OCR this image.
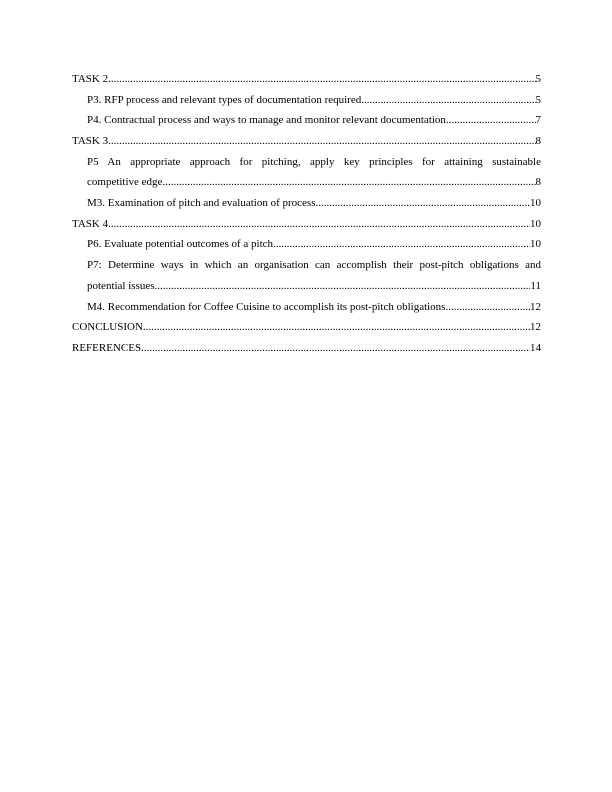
TASK 2 .....	5
P3. RFP process and relevant types of documentation required .....	5
P4. Contractual process and ways to manage and monitor relevant documentation .....	7
TASK 3 .....	8
P5 An appropriate approach for pitching, apply key principles for attaining sustainable
competitive edge .....	8
M3. Examination of pitch and evaluation of process .....	10
TASK 4 .....	10
P6. Evaluate potential outcomes of a pitch .....	10
P7: Determine ways in which an organisation can accomplish their post-pitch obligations and
potential issues .....	11
M4. Recommendation for Coffee Cuisine to accomplish its post-pitch obligations .....	12
CONCLUSION .....	12
REFERENCES .....	14
